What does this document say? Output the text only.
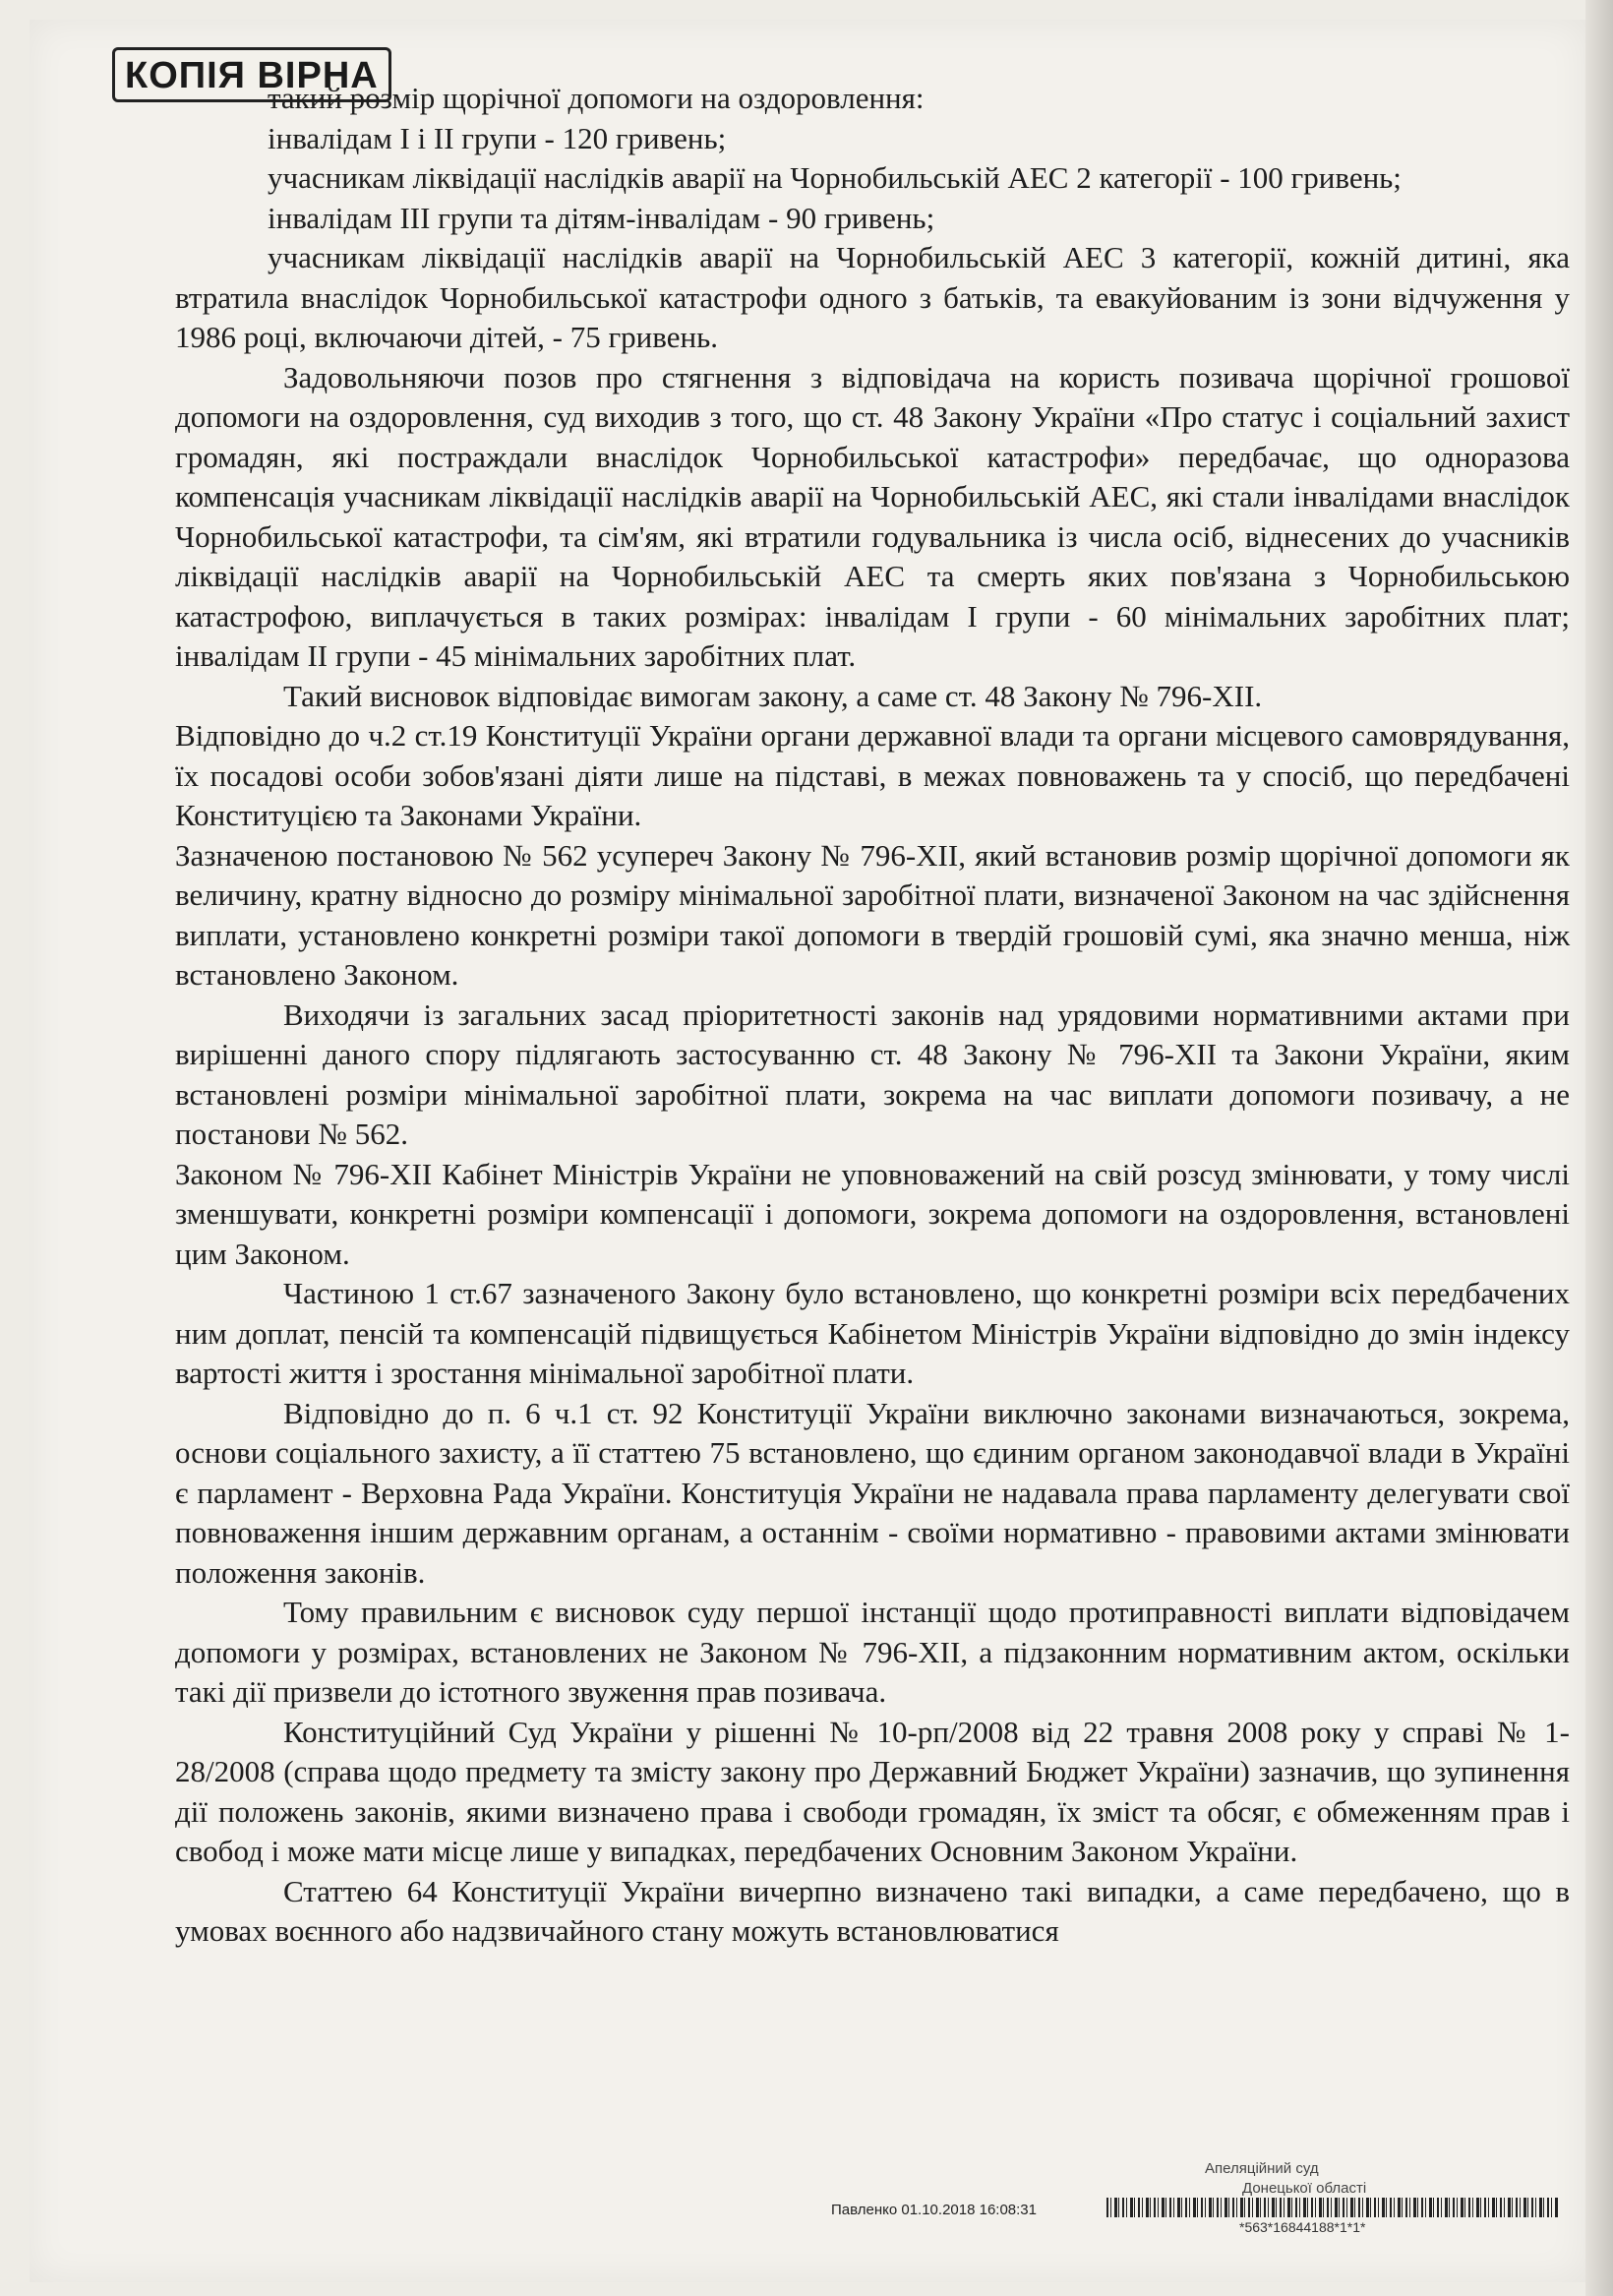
КОПІЯ ВІРНА

такий розмір щорічної допомоги на оздоровлення:

інвалідам І і ІІ групи - 120 гривень;

учасникам ліквідації наслідків аварії на Чорнобильській АЕС 2 категорії - 100 гривень;

інвалідам III групи та дітям-інвалідам - 90 гривень;

учасникам ліквідації наслідків аварії на Чорнобильській АЕС 3 категорії, кожній дитині, яка втратила внаслідок Чорнобильської катастрофи одного з батьків, та евакуйованим із зони відчуження у 1986 році, включаючи дітей, - 75 гривень.

Задовольняючи позов про стягнення з відповідача на користь позивача щорічної грошової допомоги на оздоровлення, суд виходив з того, що ст. 48 Закону України «Про статус і соціальний захист громадян, які постраждали внаслідок Чорнобильської катастрофи» передбачає, що одноразова компенсація учасникам ліквідації наслідків аварії на Чорнобильській АЕС, які стали інвалідами внаслідок Чорнобильської катастрофи, та сім'ям, які втратили годувальника із числа осіб, віднесених до учасників ліквідації наслідків аварії на Чорнобильській АЕС та смерть яких пов'язана з Чорнобильською катастрофою, виплачується в таких розмірах: інвалідам І групи - 60 мінімальних заробітних плат; інвалідам II групи - 45 мінімальних заробітних плат.

Такий висновок відповідає вимогам закону, а саме ст. 48 Закону № 796-XII.

Відповідно до ч.2 ст.19 Конституції України органи державної влади та органи місцевого самоврядування, їх посадові особи зобов'язані діяти лише на підставі, в межах повноважень та у спосіб, що передбачені Конституцією та Законами України.

Зазначеною постановою № 562 усупереч Закону № 796-XII, який встановив розмір щорічної допомоги як величину, кратну відносно до розміру мінімальної заробітної плати, визначеної Законом на час здійснення виплати, установлено конкретні розміри такої допомоги в твердій грошовій сумі, яка значно менша, ніж встановлено Законом.

Виходячи із загальних засад пріоритетності законів над урядовими нормативними актами при вирішенні даного спору підлягають застосуванню ст. 48 Закону № 796-XII та Закони України, яким встановлені розміри мінімальної заробітної плати, зокрема на час виплати допомоги позивачу, а не постанови № 562.

Законом № 796-XII Кабінет Міністрів України не уповноважений на свій розсуд змінювати, у тому числі зменшувати, конкретні розміри компенсації і допомоги, зокрема допомоги на оздоровлення, встановлені цим Законом.

Частиною 1 ст.67 зазначеного Закону було встановлено, що конкретні розміри всіх передбачених ним доплат, пенсій та компенсацій підвищується Кабінетом Міністрів України відповідно до змін індексу вартості життя і зростання мінімальної заробітної плати.

Відповідно до п. 6 ч.1 ст. 92 Конституції України виключно законами визначаються, зокрема, основи соціального захисту, а її статтею 75 встановлено, що єдиним органом законодавчої влади в Україні є парламент - Верховна Рада України. Конституція України не надавала права парламенту делегувати свої повноваження іншим державним органам, а останнім - своїми нормативно - правовими актами змінювати положення законів.

Тому правильним є висновок суду першої інстанції щодо протиправності виплати відповідачем допомоги у розмірах, встановлених не Законом № 796-XII, а підзаконним нормативним актом, оскільки такі дії призвели до істотного звуження прав позивача.

Конституційний Суд України у рішенні № 10-рп/2008 від 22 травня 2008 року у справі № 1-28/2008 (справа щодо предмету та змісту закону про Державний Бюджет України) зазначив, що зупинення дії положень законів, якими визначено права і свободи громадян, їх зміст та обсяг, є обмеженням прав і свобод і може мати місце лише у випадках, передбачених Основним Законом України.

Статтею 64 Конституції України вичерпно визначено такі випадки, а саме передбачено, що в умовах воєнного або надзвичайного стану можуть встановлюватися

Апеляційний суд
Донецької області
Павленко 01.10.2018 16:08:31
*563*16844188*1*1*
